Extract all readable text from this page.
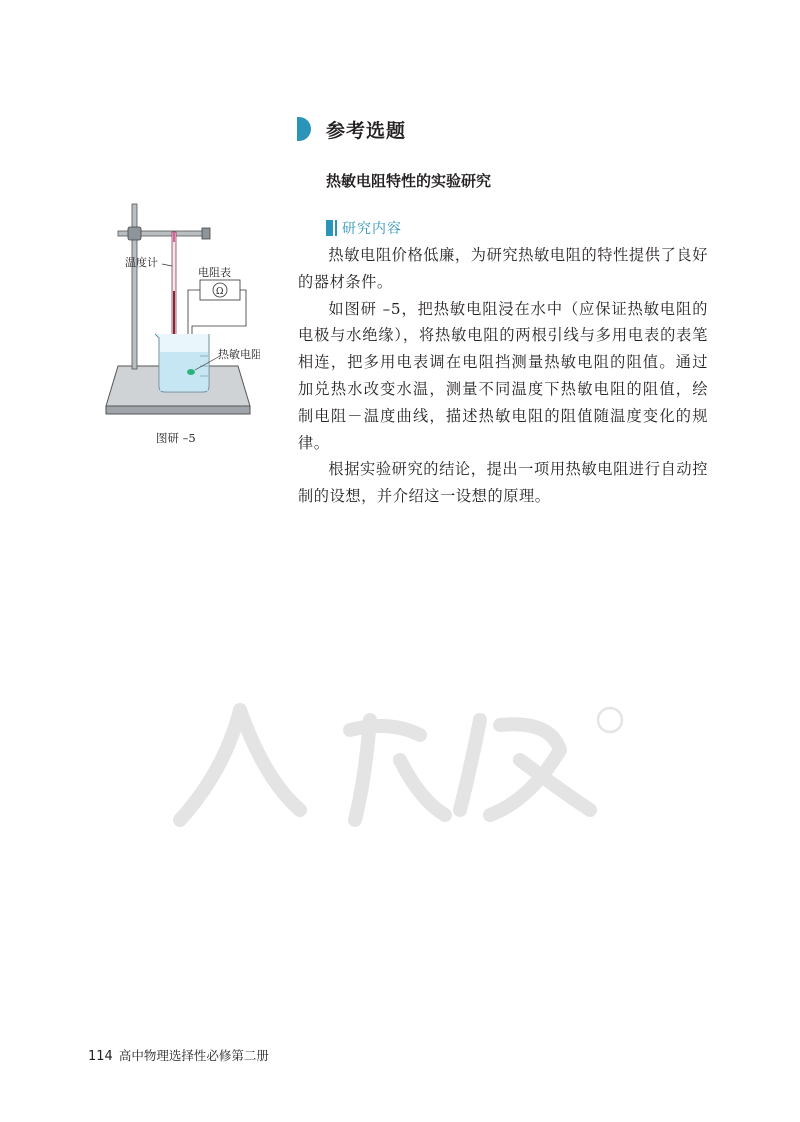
参考选题
热敏电阻特性的实验研究
温度计
Ω
电阻表
热敏电阻
图研 –5
研究内容

热敏电阻价格低廉，为研究热敏电阻的特性提供了良好的器材条件。

如图研 –5，把热敏电阻浸在水中（应保证热敏电阻的电极与水绝缘），将热敏电阻的两根引线与多用电表的表笔相连，把多用电表调在电阻挡测量热敏电阻的阻值。通过加兑热水改变水温，测量不同温度下热敏电阻的阻值，绘制电阻－温度曲线，描述热敏电阻的阻值随温度变化的规律。

根据实验研究的结论，提出一项用热敏电阻进行自动控制的设想，并介绍这一设想的原理。

114 高中物理选择性必修第二册
